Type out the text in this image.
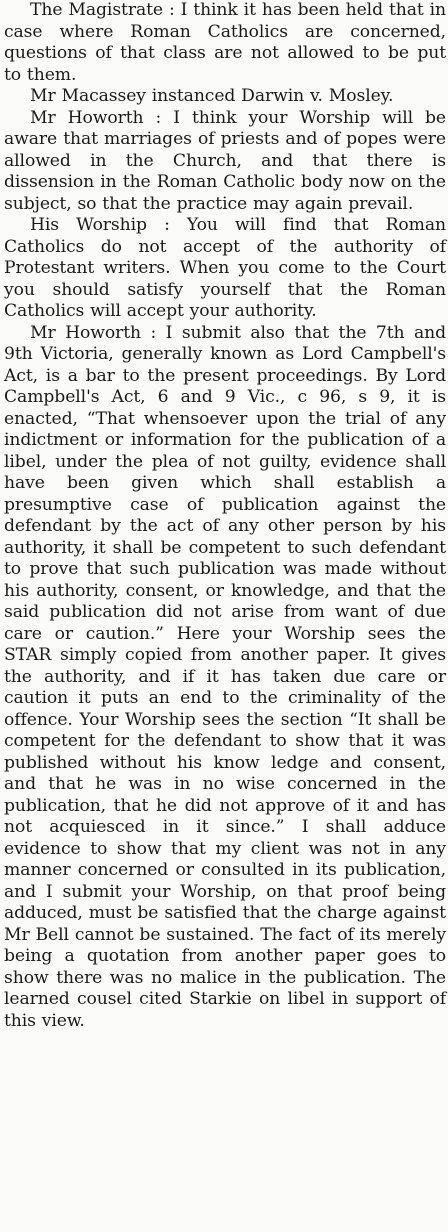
The Magistrate : I think it has been held that in case where Roman Catholics are concerned, questions of that class are not allowed to be put to them.

Mr Macassey instanced Darwin v. Mosley.

Mr Howorth : I think your Worship will be aware that marriages of priests and of popes were allowed in the Church, and that there is dissension in the Roman Catholic body now on the subject, so that the practice may again prevail.

His Worship : You will find that Roman Catholics do not accept of the authority of Protestant writers. When you come to the Court you should satisfy yourself that the Roman Catholics will accept your authority.

Mr Howorth : I submit also that the 7th and 9th Victoria, generally known as Lord Campbell's Act, is a bar to the present proceedings. By Lord Campbell's Act, 6 and 9 Vic., c 96, s 9, it is enacted, “That whensoever upon the trial of any indictment or information for the publication of a libel, under the plea of not guilty, evidence shall have been given which shall establish a presumptive case of publication against the defendant by the act of any other person by his authority, it shall be competent to such defendant to prove that such publication was made without his authority, consent, or knowledge, and that the said publication did not arise from want of due care or caution.” Here your Worship sees the STAR simply copied from another paper. It gives the authority, and if it has taken due care or caution it puts an end to the criminality of the offence. Your Worship sees the section “It shall be competent for the defendant to show that it was published without his know ledge and consent, and that he was in no wise concerned in the publication, that he did not approve of it and has not acquiesced in it since.” I shall adduce evidence to show that my client was not in any manner concerned or consulted in its publication, and I submit your Worship, on that proof being adduced, must be satisfied that the charge against Mr Bell cannot be sustained. The fact of its merely being a quotation from another paper goes to show there was no malice in the publication. The learned cousel cited Starkie on libel in support of this view.
